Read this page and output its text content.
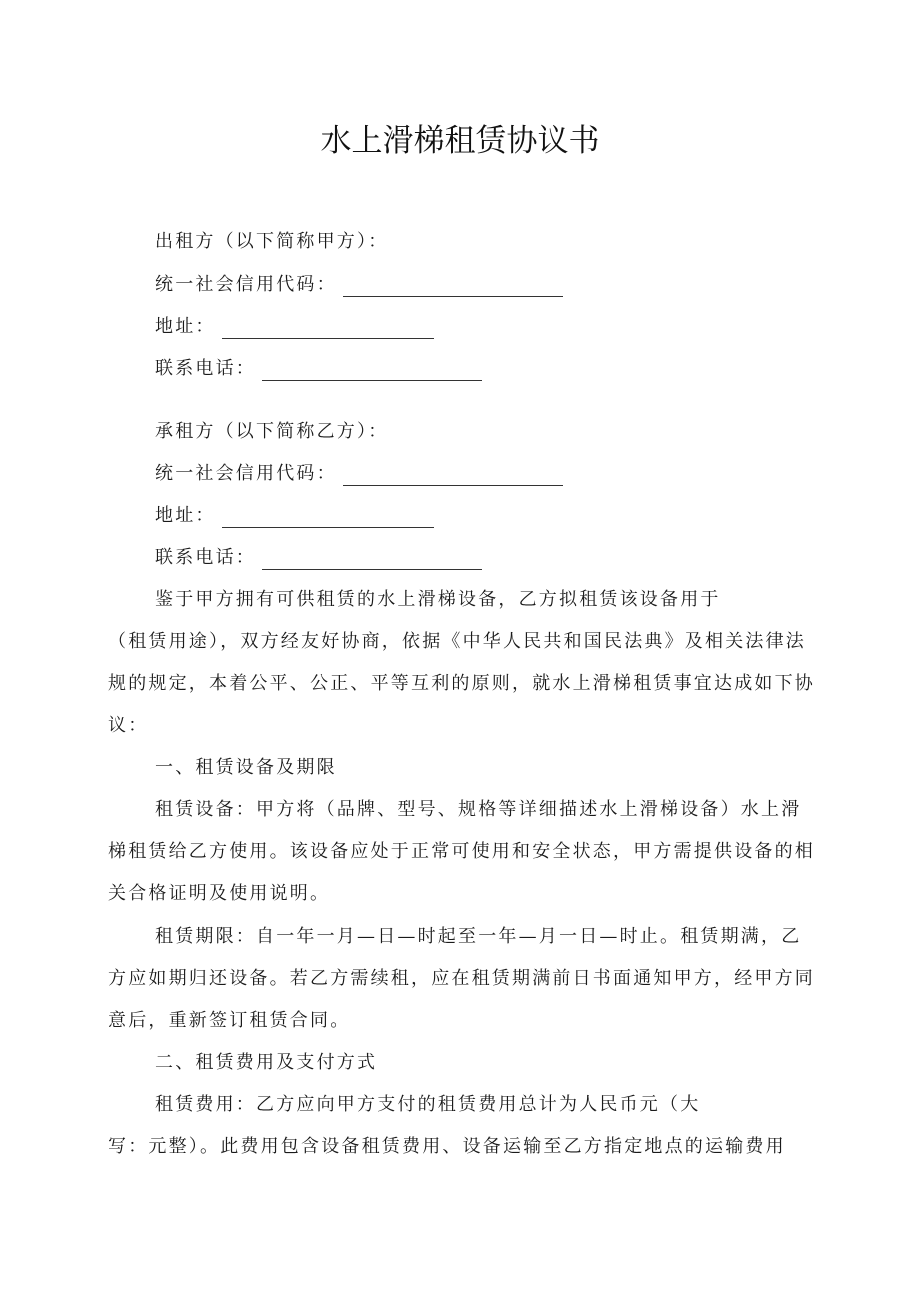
水上滑梯租赁协议书
出租方（以下简称甲方）：
统一社会信用代码：
地址：
联系电话：
承租方（以下简称乙方）：
统一社会信用代码：
地址：
联系电话：
鉴于甲方拥有可供租赁的水上滑梯设备，乙方拟租赁该设备用于
（租赁用途），双方经友好协商，依据《中华人民共和国民法典》及相关法律法
规的规定，本着公平、公正、平等互利的原则，就水上滑梯租赁事宜达成如下协
议：
一、租赁设备及期限
租赁设备：甲方将（品牌、型号、规格等详细描述水上滑梯设备）水上滑
梯租赁给乙方使用。该设备应处于正常可使用和安全状态，甲方需提供设备的相
关合格证明及使用说明。
租赁期限：自一年一月—日—时起至一年—月一日—时止。租赁期满，乙
方应如期归还设备。若乙方需续租，应在租赁期满前日书面通知甲方，经甲方同
意后，重新签订租赁合同。
二、租赁费用及支付方式
租赁费用：乙方应向甲方支付的租赁费用总计为人民币元（大
写：元整）。此费用包含设备租赁费用、设备运输至乙方指定地点的运输费用
